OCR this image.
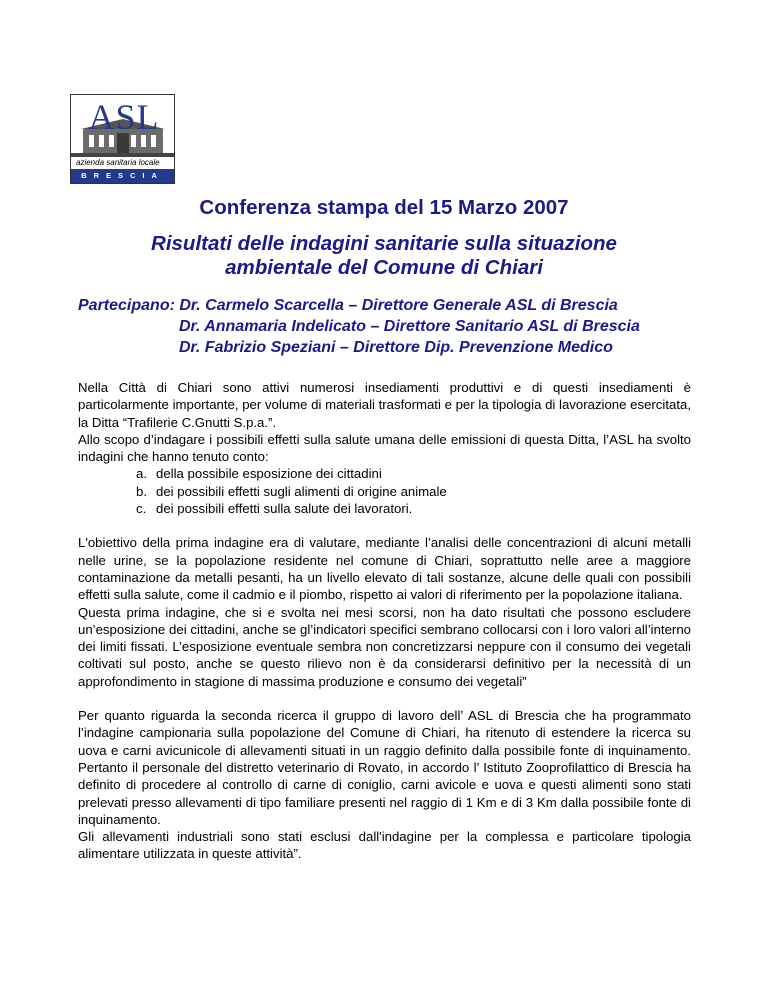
ASL
azienda sanitaria locale
BRESCIA
Conferenza stampa del 15 Marzo 2007
Risultati delle indagini sanitarie sulla situazione
ambientale del Comune di Chiari
Partecipano: Dr. Carmelo Scarcella – Direttore Generale ASL di Brescia
Dr. Annamaria Indelicato – Direttore Sanitario ASL di Brescia
Dr. Fabrizio Speziani – Direttore Dip. Prevenzione Medico

Nella Città di Chiari sono attivi numerosi insediamenti produttivi e di questi insediamenti è particolarmente importante, per volume di materiali trasformati e per la tipologia di lavorazione esercitata, la Ditta “Trafilerie C.Gnutti S.p.a.”.

Allo scopo d’indagare i possibili effetti sulla salute umana delle emissioni di questa Ditta, l’ASL ha svolto indagini che hanno tenuto conto:

a. della possibile esposizione dei cittadini
b. dei possibili effetti sugli alimenti di origine animale
c. dei possibili effetti sulla salute dei lavoratori.

L'obiettivo della prima indagine era di valutare, mediante l’analisi delle concentrazioni di alcuni metalli nelle urine, se la popolazione residente nel comune di Chiari, soprattutto nelle aree a maggiore contaminazione da metalli pesanti, ha un livello elevato di tali sostanze, alcune delle quali con possibili effetti sulla salute, come il cadmio e il piombo, rispetto ai valori di riferimento per la popolazione italiana.

Questa prima indagine, che si e svolta nei mesi scorsi, non ha dato risultati che possono escludere un’esposizione dei cittadini, anche se gl’indicatori specifici sembrano collocarsi con i loro valori all’interno dei limiti fissati. L’esposizione eventuale sembra non concretizzarsi neppure con il consumo dei vegetali coltivati sul posto, anche se questo rilievo non è da considerarsi definitivo per la necessità di un approfondimento in stagione di massima produzione e consumo dei vegetali”

Per quanto riguarda la seconda ricerca il gruppo di lavoro dell’ ASL di Brescia che ha programmato l’indagine campionaria sulla popolazione del Comune di Chiari, ha ritenuto di estendere la ricerca su uova e carni avicunicole di allevamenti situati in un raggio definito dalla possibile fonte di inquinamento. Pertanto il personale del distretto veterinario di Rovato, in accordo l’ Istituto Zooprofilattico di Brescia ha definito di procedere al controllo di carne di coniglio, carni avicole e uova e questi alimenti sono stati prelevati presso allevamenti di tipo familiare presenti nel raggio di 1 Km e di 3 Km dalla possibile fonte di inquinamento.

Gli allevamenti industriali sono stati esclusi dall'indagine per la complessa e particolare tipologia alimentare utilizzata in queste attività”.
